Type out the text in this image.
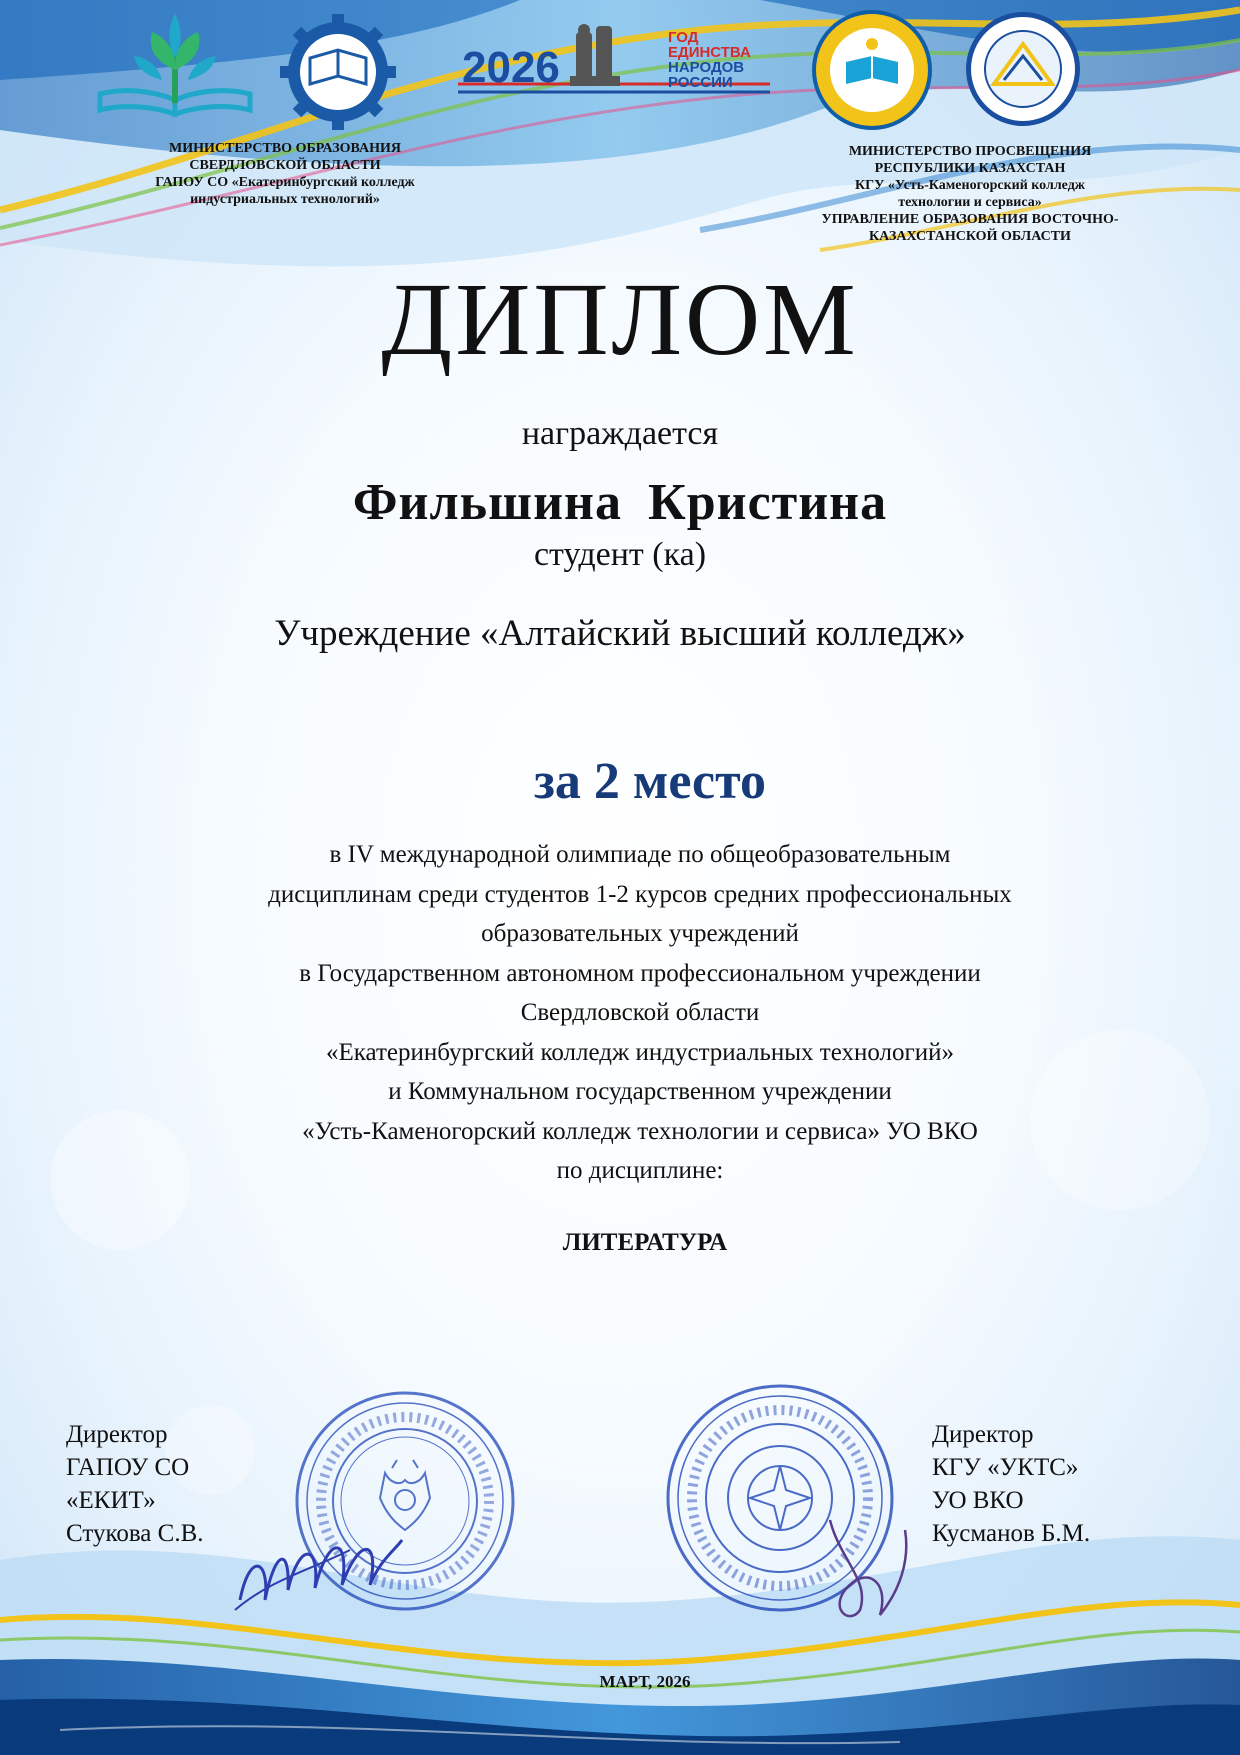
2026
ГОД
ЕДИНСТВА
НАРОДОВ
РОССИИ
МИНИСТЕРСТВО ОБРАЗОВАНИЯ
СВЕРДЛОВСКОЙ ОБЛАСТИ
ГАПОУ СО «Екатеринбургский колледж
индустриальных технологий»
МИНИСТЕРСТВО ПРОСВЕЩЕНИЯ
РЕСПУБЛИКИ КАЗАХСТАН
КГУ «Усть-Каменогорский колледж
технологии и сервиса»
УПРАВЛЕНИЕ ОБРАЗОВАНИЯ ВОСТОЧНО-
КАЗАХСТАНСКОЙ ОБЛАСТИ
ДИПЛОМ
награждается
Фильшина Кристина
студент (ка)
Учреждение «Алтайский высший колледж»
за 2 место
в IV международной олимпиаде по общеобразовательным
дисциплинам среди студентов 1-2 курсов средних профессиональных
образовательных учреждений
в Государственном автономном профессиональном учреждении
Свердловской области
«Екатеринбургский колледж индустриальных технологий»
и Коммунальном государственном учреждении
«Усть-Каменогорский колледж технологии и сервиса» УО ВКО
по дисциплине:
ЛИТЕРАТУРА
Директор
ГАПОУ СО
«ЕКИТ»
Стукова С.В.
Директор
КГУ «УКТС»
УО ВКО
Кусманов Б.М.
МАРТ, 2026
